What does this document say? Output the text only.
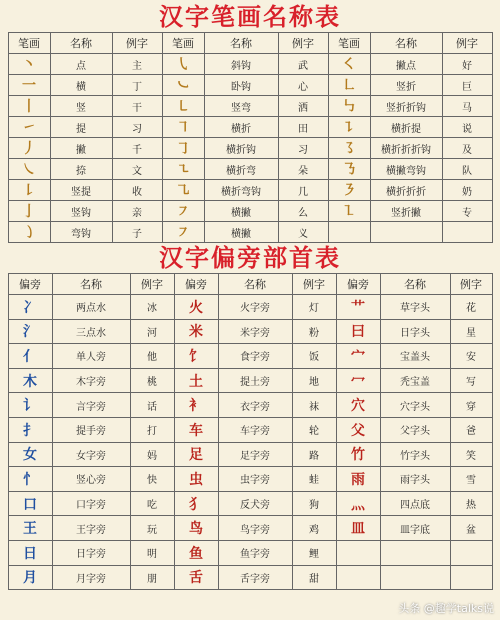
汉字笔画名称表
笔画	名称	例字	笔画	名称	例字	笔画	名称	例字
丶	点	主	㇂	斜钩	武	㇛	撇点	好
一	横	丁	㇃	卧钩	心	㇗	竖折	巨
丨	竖	干	㇄	竖弯	洒	㇉	竖折折钩	马
㇀	提	习	㇕	横折	田	㇊	横折提	说
丿	撇	千	㇆	横折钩	习	㇌	横折折折钩	及
㇏	捺	文	㇍	横折弯	朵	㇡	横撇弯钩	队
㇙	竖提	收	㇈	横折弯钩	几	㇋	横折折折	奶
亅	竖钩	亲	㇇	横撇	么	㇅	竖折撇	专
㇁	弯钩	子	㇇	横撇	义			
汉字偏旁部首表
偏旁	名称	例字	偏旁	名称	例字	偏旁	名称	例字
冫	两点水	冰	火	火字旁	灯	艹	草字头	花
氵	三点水	河	米	米字旁	粉	曰	日字头	星
亻	单人旁	他	饣	食字旁	饭	宀	宝盖头	安
木	木字旁	桃	土	提土旁	地	冖	秃宝盖	写
讠	言字旁	话	衤	衣字旁	袜	穴	穴字头	穿
扌	提手旁	打	车	车字旁	轮	父	父字头	爸
女	女字旁	妈	足	足字旁	路	竹	竹字头	笑
忄	竖心旁	快	虫	虫字旁	蛙	雨	雨字头	雪
口	口字旁	吃	犭	反犬旁	狗	灬	四点底	热
王	王字旁	玩	鸟	鸟字旁	鸡	皿	皿字底	盆
日	日字旁	明	鱼	鱼字旁	鲤			
月	月字旁	朋	舌	舌字旁	甜			
头条 @趣学talks说
